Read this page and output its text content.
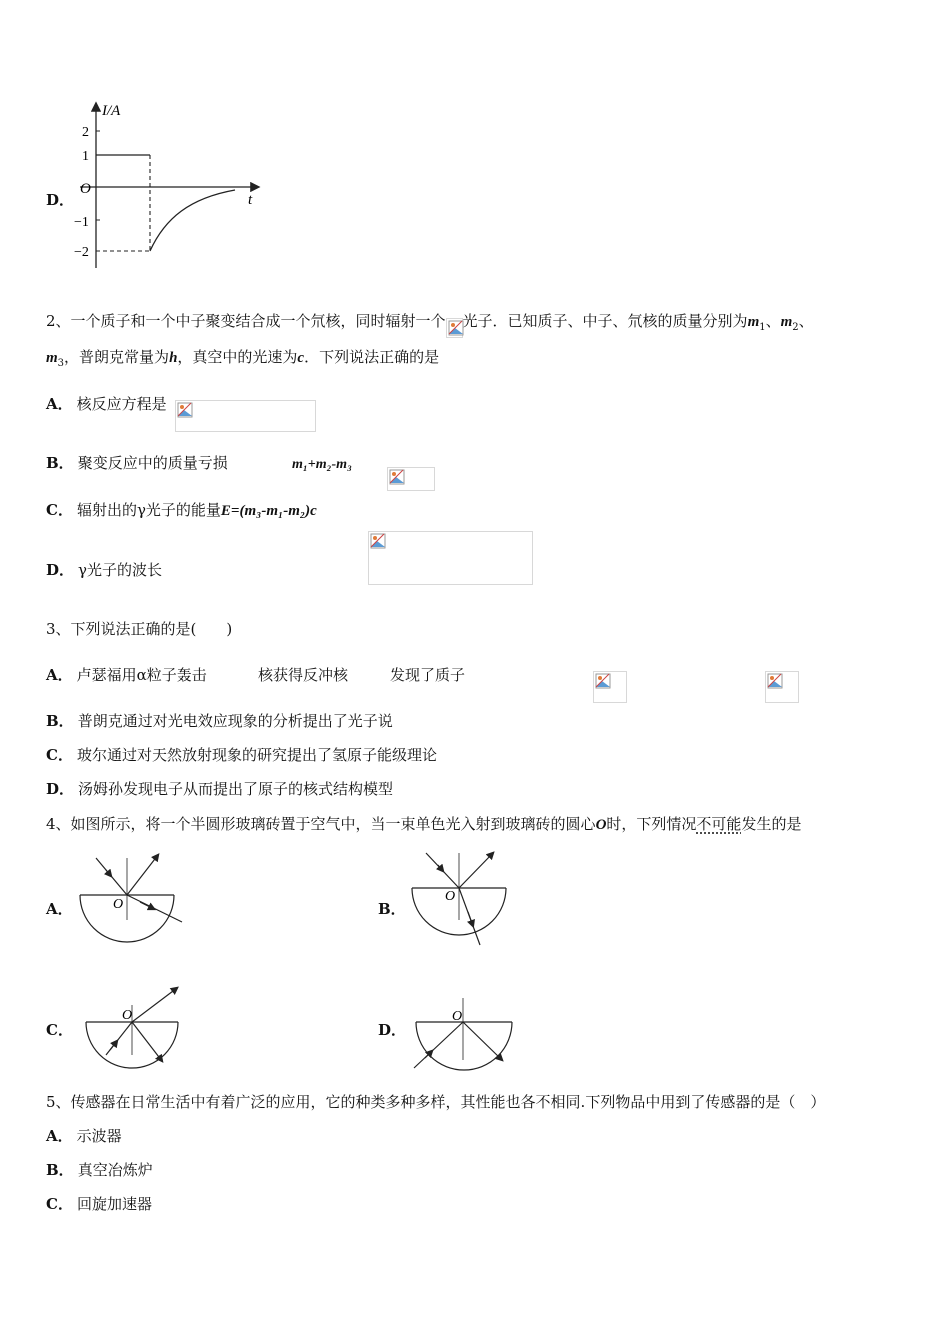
D．
I/A
2
1
O
−1
−2
t
2、一个质子和一个中子聚变结合成一个氘核，同时辐射一个 光子．已知质子、中子、氘核的质量分别为$m_1$、$m_2$、
$m_3$，普朗克常量为h，真空中的光速为c．下列说法正确的是
A． 核反应方程是

B． 聚变反应中的质量亏损
	m₁+m₂-m₃
C． 辐射出的γ光子的能量E=(m₃-m₁-m₂)c
D． γ光子的波长

3、下列说法正确的是(　　)
A． 卢瑟福用α粒子轰击
	核获得反冲核	发现了质子
B． 普朗克通过对光电效应现象的分析提出了光子说
C． 玻尔通过对天然放射现象的研究提出了氢原子能级理论
D． 汤姆孙发现电子从而提出了原子的核式结构模型
4、如图所示，将一个半圆形玻璃砖置于空气中，当一束单色光入射到玻璃砖的圆心O时，下列情况不可能发生的是
A．	O	B．
O
C．
O
D．
O
5、传感器在日常生活中有着广泛的应用，它的种类多种多样，其性能也各不相同.下列物品中用到了传感器的是（　）
A． 示波器
B． 真空冶炼炉
C． 回旋加速器
